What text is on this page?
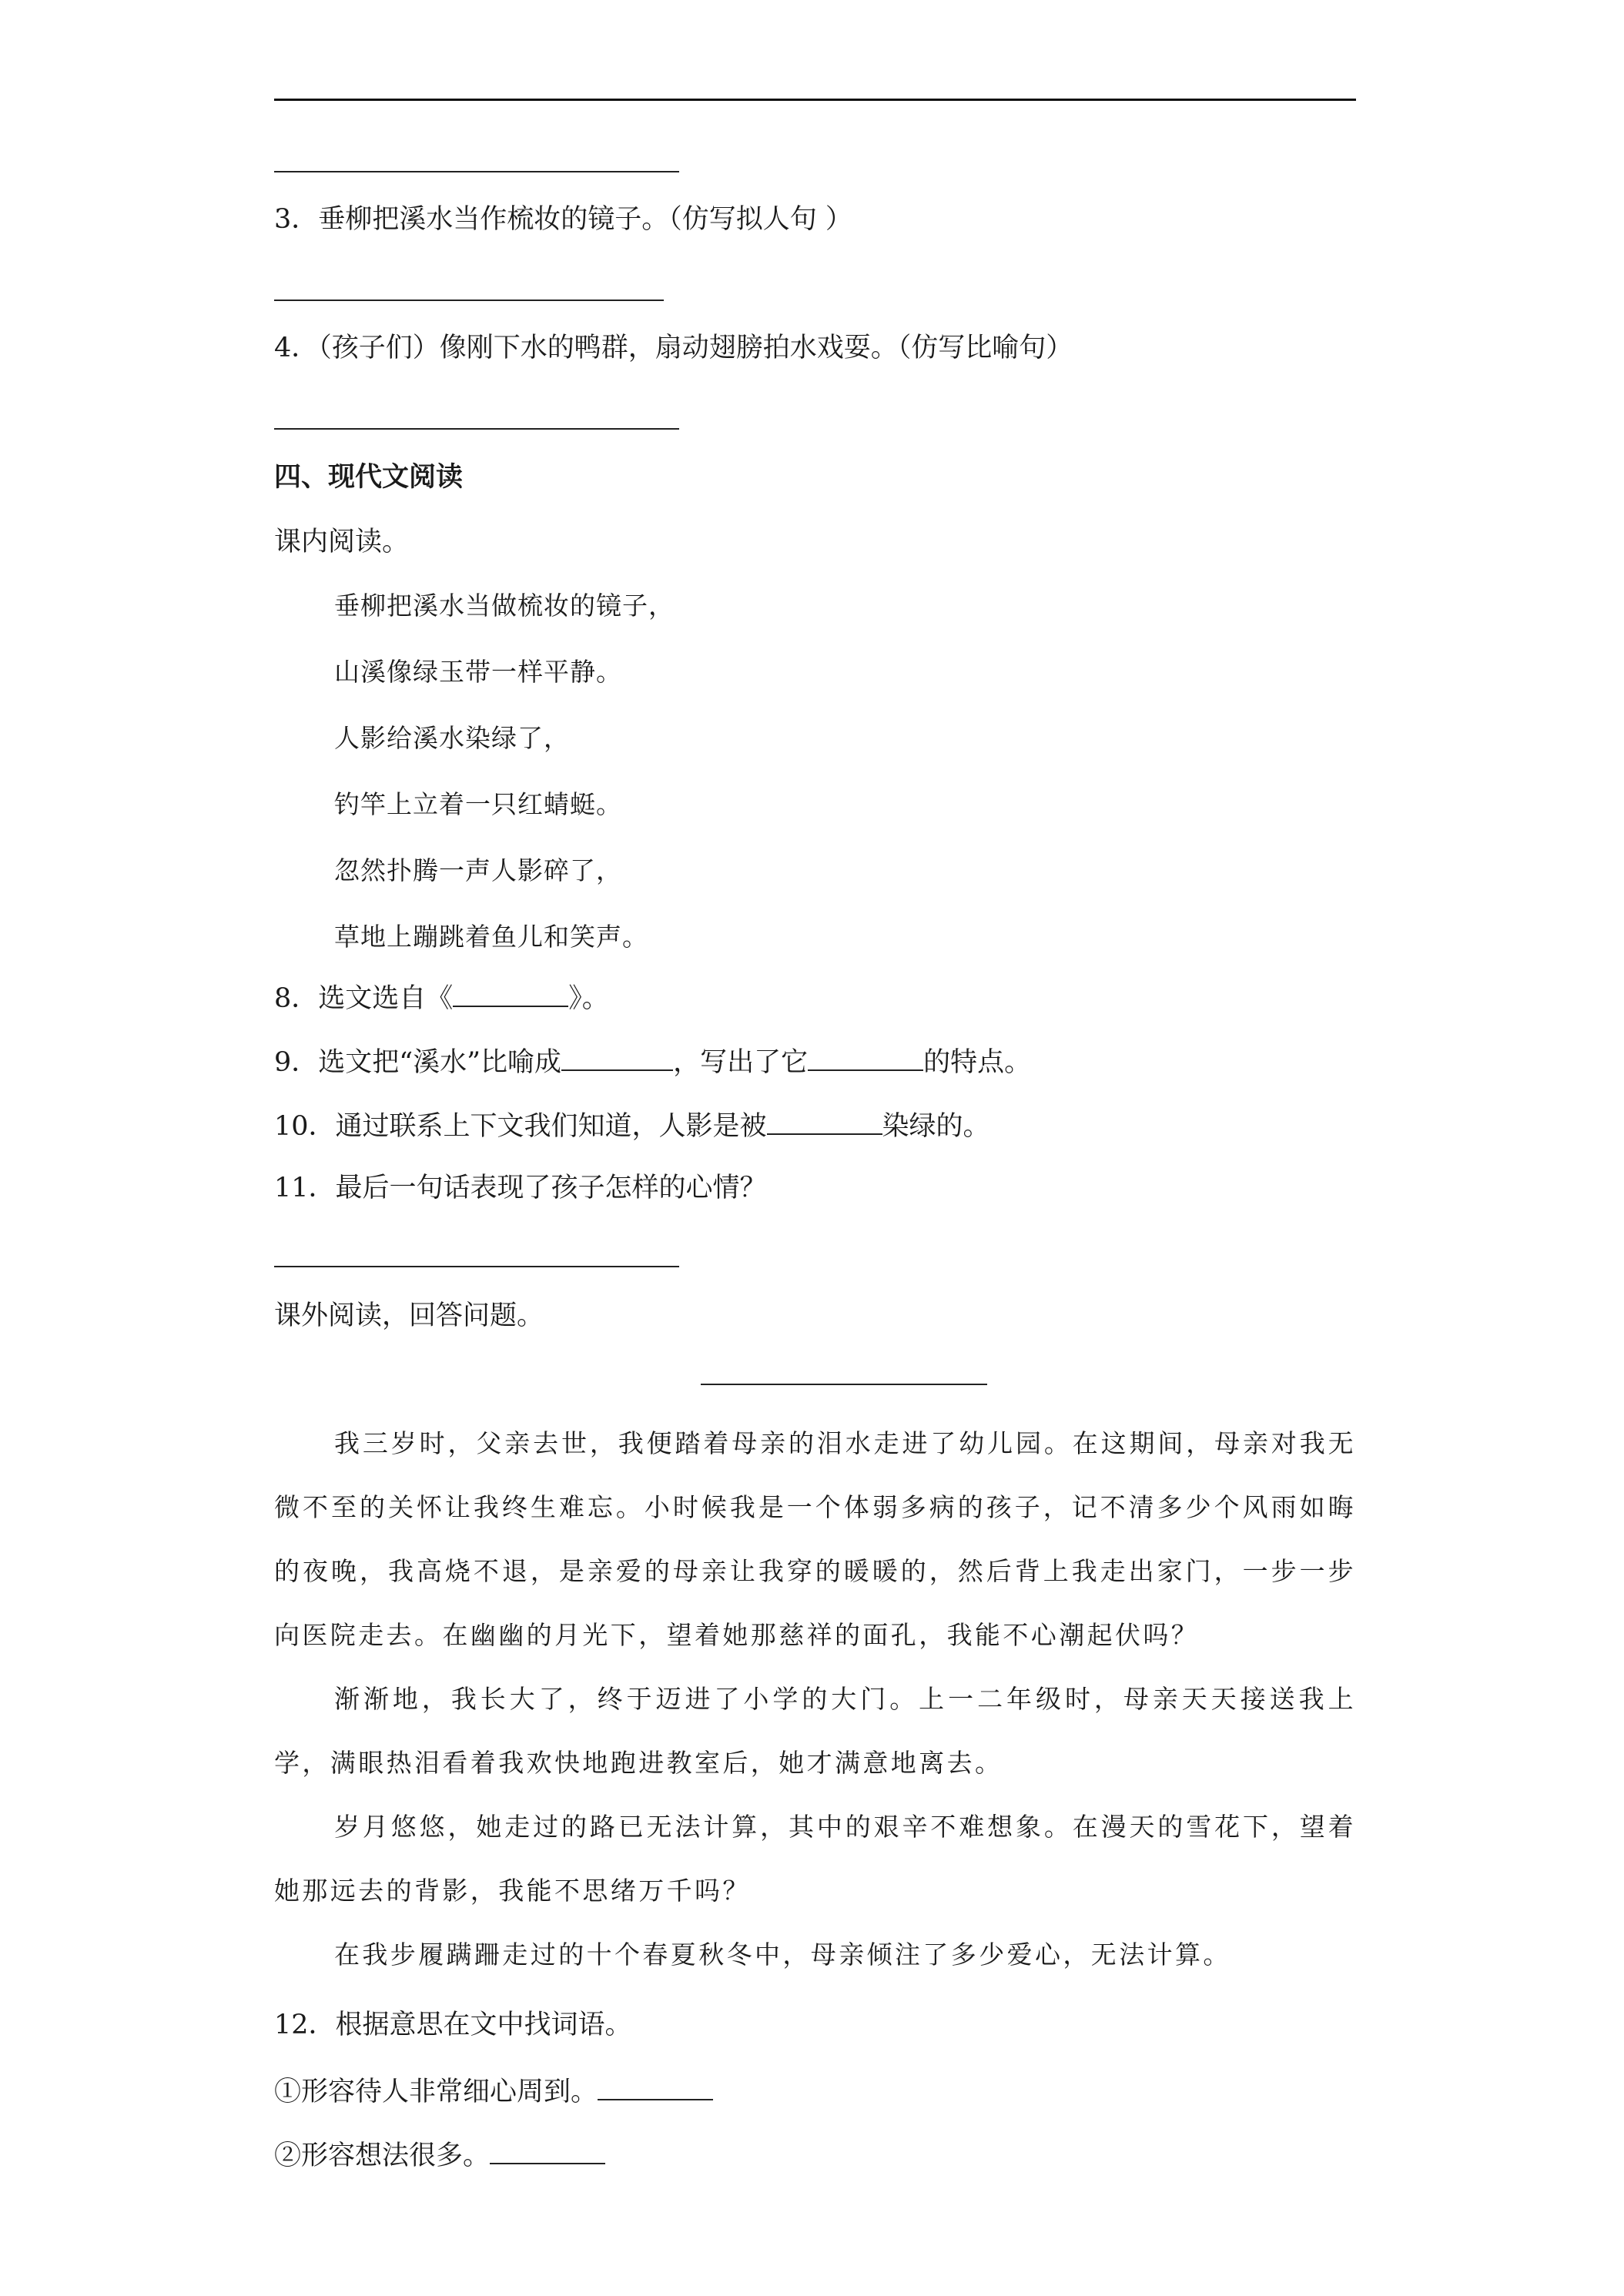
3．垂柳把溪水当作梳妆的镜子。（仿写拟人句 ）
4．（孩子们）像刚下水的鸭群，扇动翅膀拍水戏耍。（仿写比喻句）
四、现代文阅读
课内阅读。
垂柳把溪水当做梳妆的镜子，
山溪像绿玉带一样平静。
人影给溪水染绿了，
钓竿上立着一只红蜻蜓。
忽然扑腾一声人影碎了，
草地上蹦跳着鱼儿和笑声。
8．选文选自《	》。
9．选文把“溪水”比喻成	，写出了它	的特点。
10．通过联系上下文我们知道，人影是被	染绿的。
11．最后一句话表现了孩子怎样的心情？
课外阅读，回答问题。
我三岁时，父亲去世，我便踏着母亲的泪水走进了幼儿园。在这期间，母亲对我无微不至的关怀让我终生难忘。小时候我是一个体弱多病的孩子，记不清多少个风雨如晦的夜晚，我高烧不退，是亲爱的母亲让我穿的暖暖的，然后背上我走出家门，一步一步向医院走去。在幽幽的月光下，望着她那慈祥的面孔，我能不心潮起伏吗？
渐渐地，我长大了，终于迈进了小学的大门。上一二年级时，母亲天天接送我上学，满眼热泪看着我欢快地跑进教室后，她才满意地离去。
岁月悠悠，她走过的路已无法计算，其中的艰辛不难想象。在漫天的雪花下，望着她那远去的背影，我能不思绪万千吗？
在我步履蹒跚走过的十个春夏秋冬中，母亲倾注了多少爱心，无法计算。
12．根据意思在文中找词语。
①形容待人非常细心周到。
②形容想法很多。
